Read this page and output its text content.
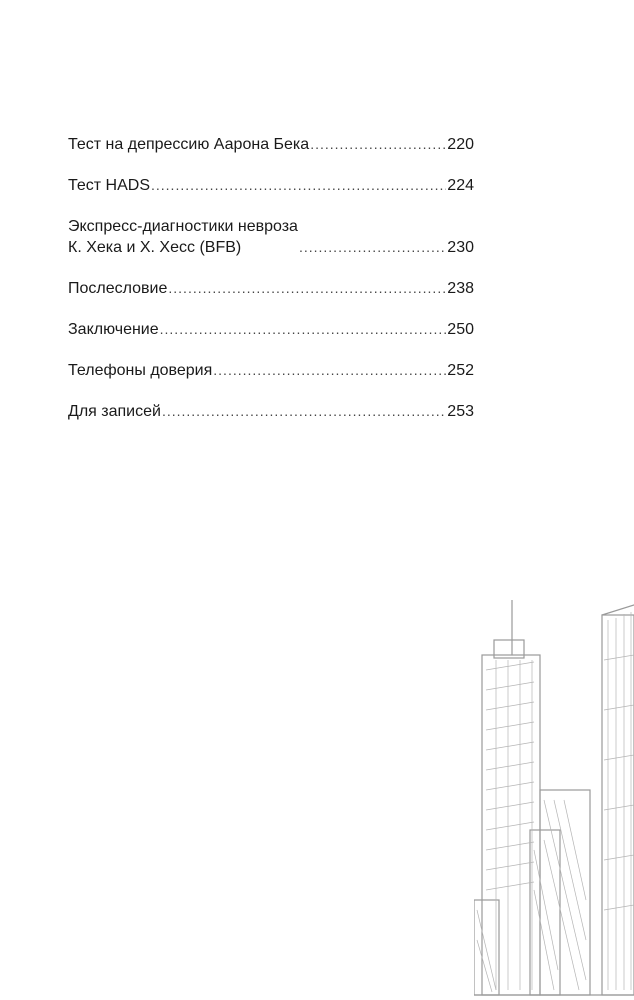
Тест на депрессию Аарона Бека .....	220
Тест HADS .....	224
Экспресс-диагностики невроза
К. Хека и Х. Хесс (BFB) .....	230
Послесловие .....	238
Заключение .....	250
Телефоны доверия .....	252
Для записей .....	253
